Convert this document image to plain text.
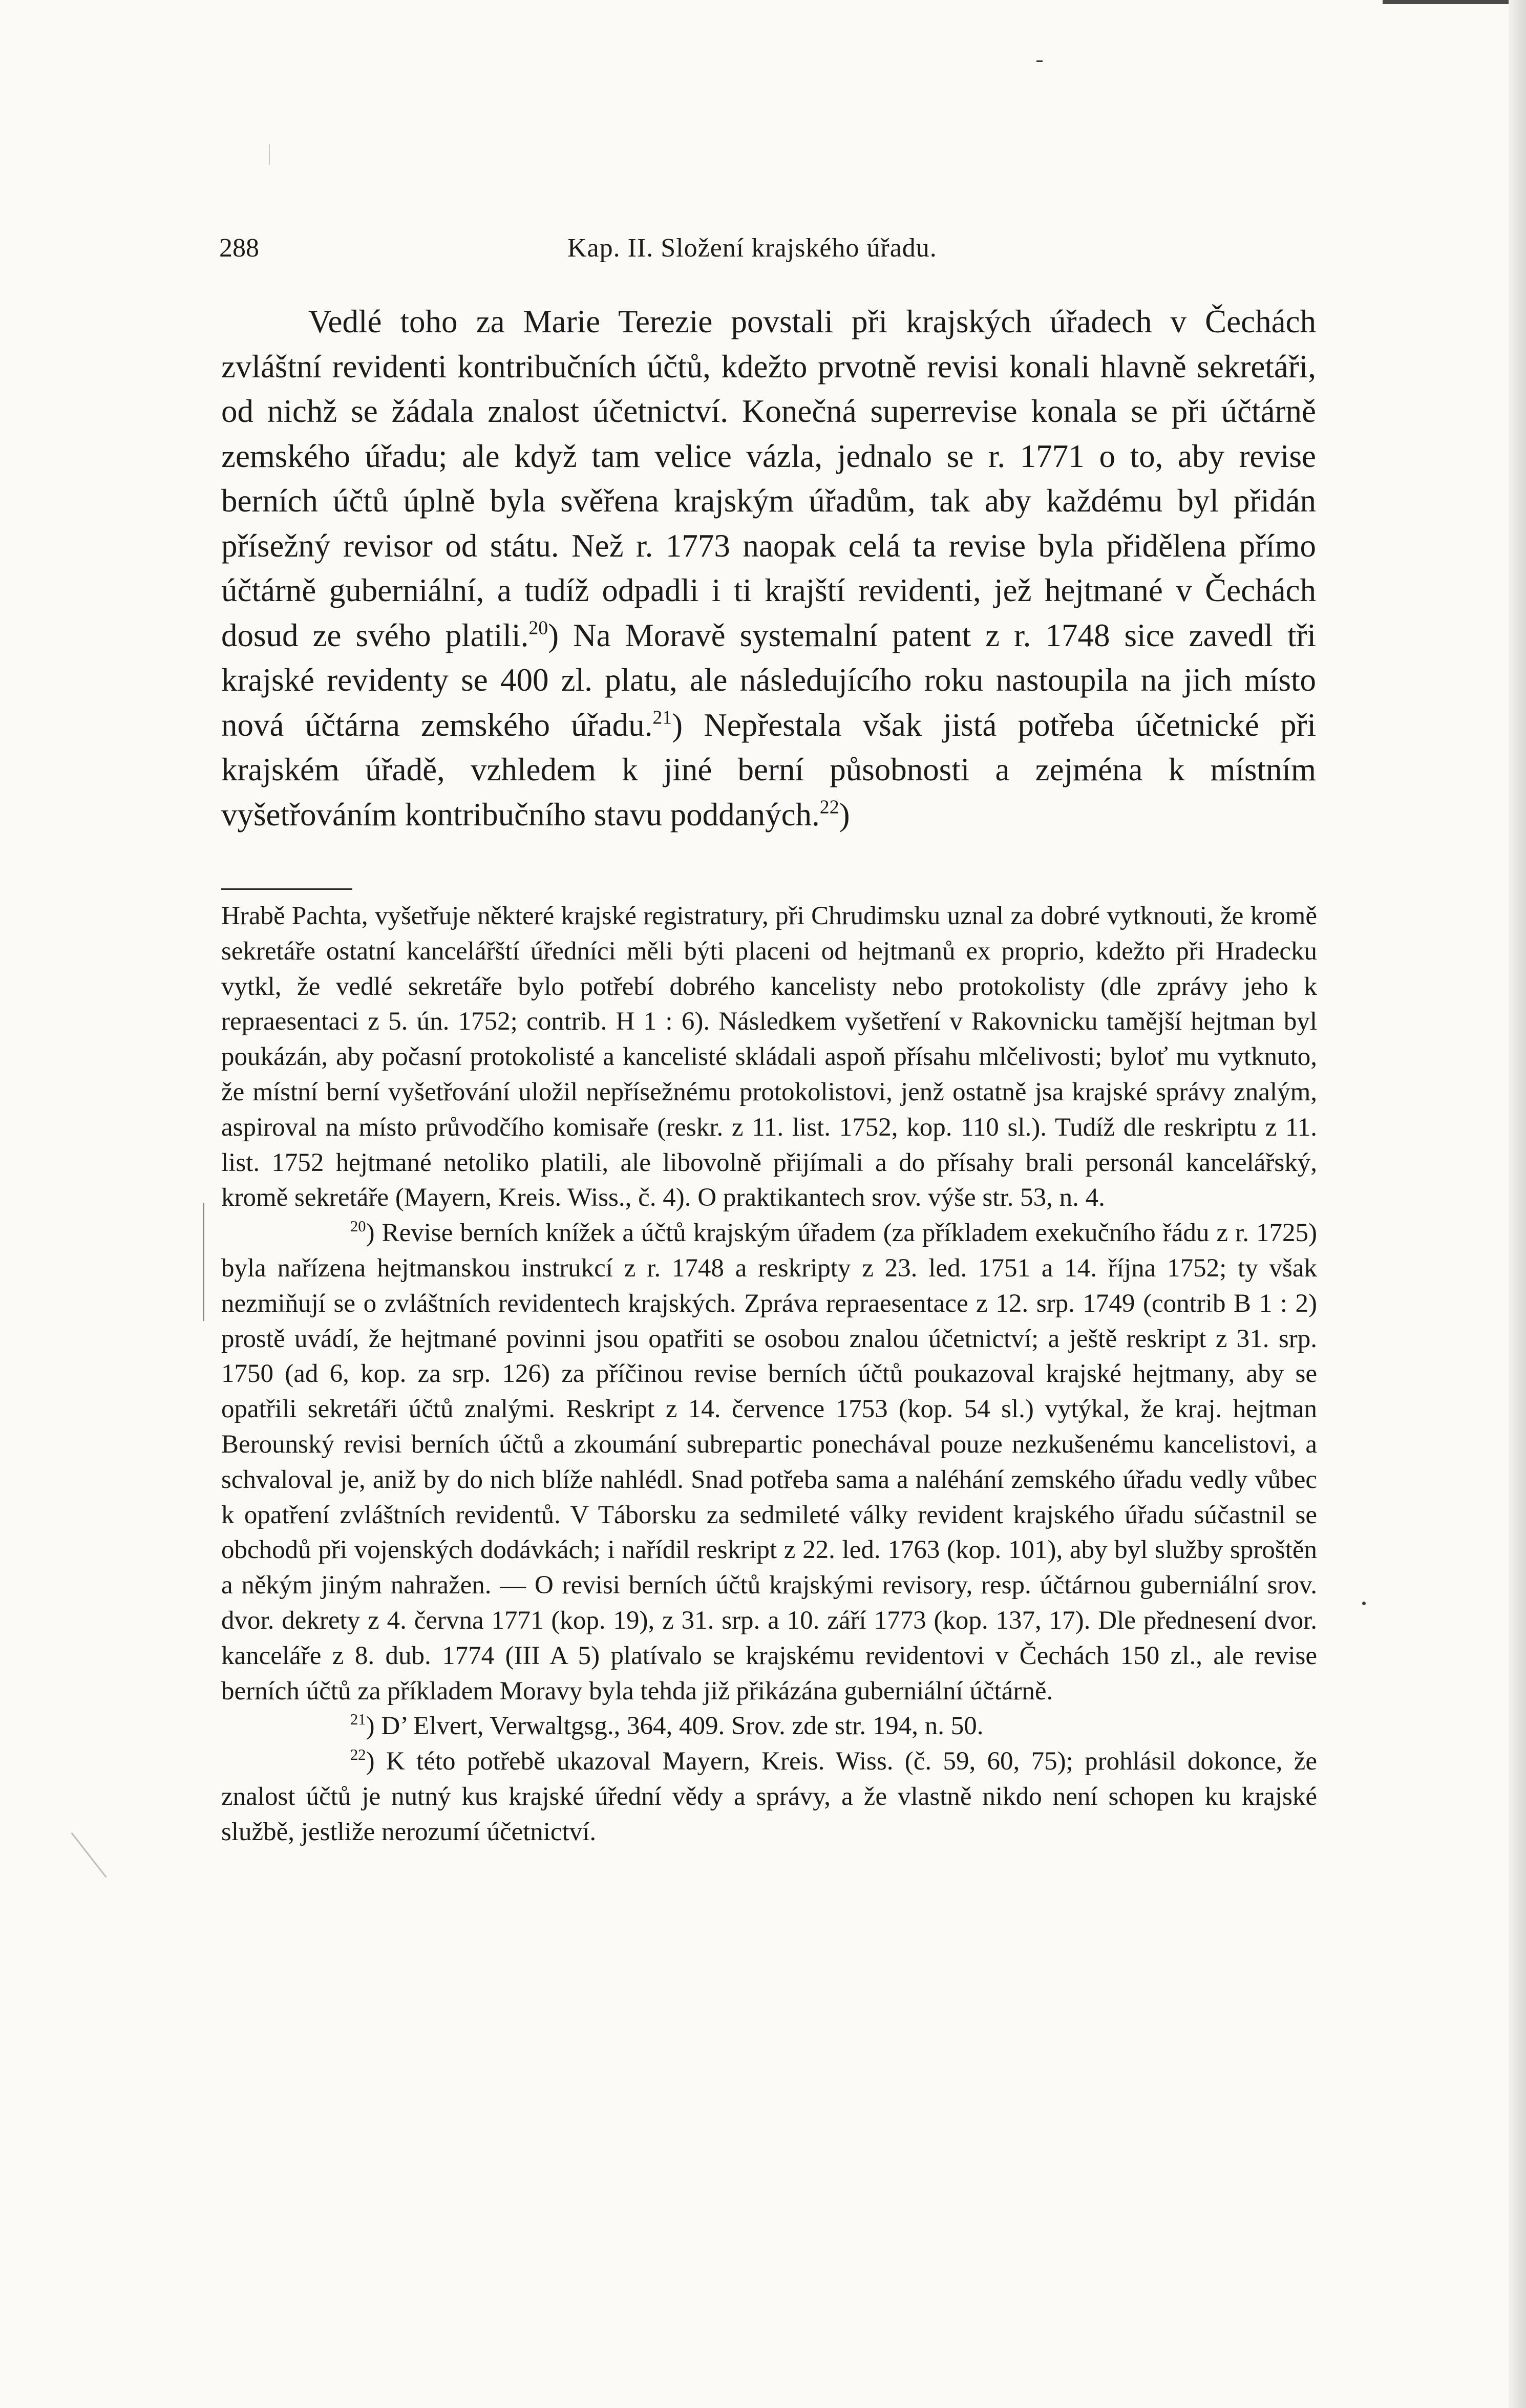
288	Kap. II. Složení krajského úřadu.

Vedlé toho za Marie Terezie povstali při krajských úřadech v Čechách zvláštní revidenti kontribučních účtů, kdežto prvotně revisi konali hlavně sekretáři, od nichž se žádala znalost účetnictví. Konečná superrevise konala se při účtárně zemského úřadu; ale když tam velice vázla, jednalo se r. 1771 o to, aby revise berních účtů úplně byla svěřena krajským úřadům, tak aby každému byl přidán přísežný revisor od státu. Než r. 1773 naopak celá ta revise byla přidělena přímo účtárně guberniální, a tudíž odpadli i ti krajští revidenti, jež hejtmané v Čechách dosud ze svého platili.$^{20}$) Na Moravě systemalní patent z r. 1748 sice zavedl tři krajské revidenty se 400 zl. platu, ale následujícího roku nastoupila na jich místo nová účtárna zemského úřadu.$^{21}$) Nepřestala však jistá potřeba účetnické při krajském úřadě, vzhledem k jiné berní působnosti a zejména k místním vyšetřováním kontribučního stavu poddaných.$^{22}$)

Hrabě Pachta, vyšetřuje některé krajské registratury, při Chrudimsku uznal za dobré vytknouti, že kromě sekretáře ostatní kancelářští úředníci měli býti placeni od hejtmanů ex proprio, kdežto při Hradecku vytkl, že vedlé sekretáře bylo potřebí dobrého kancelisty nebo protokolisty (dle zprávy jeho k repraesentaci z 5. ún. 1752; contrib. H 1 : 6). Následkem vyšetření v Rakovnicku tamější hejtman byl poukázán, aby počasní protokolisté a kancelisté skládali aspoň přísahu mlčelivosti; byloť mu vytknuto, že místní berní vyšetřování uložil nepřísežnému protokolistovi, jenž ostatně jsa krajské správy znalým, aspiroval na místo průvodčího komisaře (reskr. z 11. list. 1752, kop. 110 sl.). Tudíž dle reskriptu z 11. list. 1752 hejtmané netoliko platili, ale libovolně přijímali a do přísahy brali personál kancelářský, kromě sekretáře (Mayern, Kreis. Wiss., č. 4). O praktikantech srov. výše str. 53, n. 4.

$^{20}$) Revise berních knížek a účtů krajským úřadem (za příkladem exekučního řádu z r. 1725) byla nařízena hejtmanskou instrukcí z r. 1748 a reskripty z 23. led. 1751 a 14. října 1752; ty však nezmiňují se o zvláštních revidentech krajských. Zpráva repraesentace z 12. srp. 1749 (contrib B 1 : 2) prostě uvádí, že hejtmané povinni jsou opatřiti se osobou znalou účetnictví; a ještě reskript z 31. srp. 1750 (ad 6, kop. za srp. 126) za příčinou revise berních účtů poukazoval krajské hejtmany, aby se opatřili sekretáři účtů znalými. Reskript z 14. července 1753 (kop. 54 sl.) vytýkal, že kraj. hejtman Berounský revisi berních účtů a zkoumání subrepartic ponechával pouze nezkušenému kancelistovi, a schvaloval je, aniž by do nich blíže nahlédl. Snad potřeba sama a naléhání zemského úřadu vedly vůbec k opatření zvláštních revidentů. V Táborsku za sedmileté války revident krajského úřadu súčastnil se obchodů při vojenských dodávkách; i nařídil reskript z 22. led. 1763 (kop. 101), aby byl služby sproštěn a někým jiným nahražen. — O revisi berních účtů krajskými revisory, resp. účtárnou guberniální srov. dvor. dekrety z 4. června 1771 (kop. 19), z 31. srp. a 10. září 1773 (kop. 137, 17). Dle přednesení dvor. kanceláře z 8. dub. 1774 (III A 5) platívalo se krajskému revidentovi v Čechách 150 zl., ale revise berních účtů za příkladem Moravy byla tehda již přikázána guberniální účtárně.

$^{21}$) D’ Elvert, Verwaltgsg., 364, 409. Srov. zde str. 194, n. 50.

$^{22}$) K této potřebě ukazoval Mayern, Kreis. Wiss. (č. 59, 60, 75); prohlásil dokonce, že znalost účtů je nutný kus krajské úřední vědy a správy, a že vlastně nikdo není schopen ku krajské službě, jestliže nerozumí účetnictví.
